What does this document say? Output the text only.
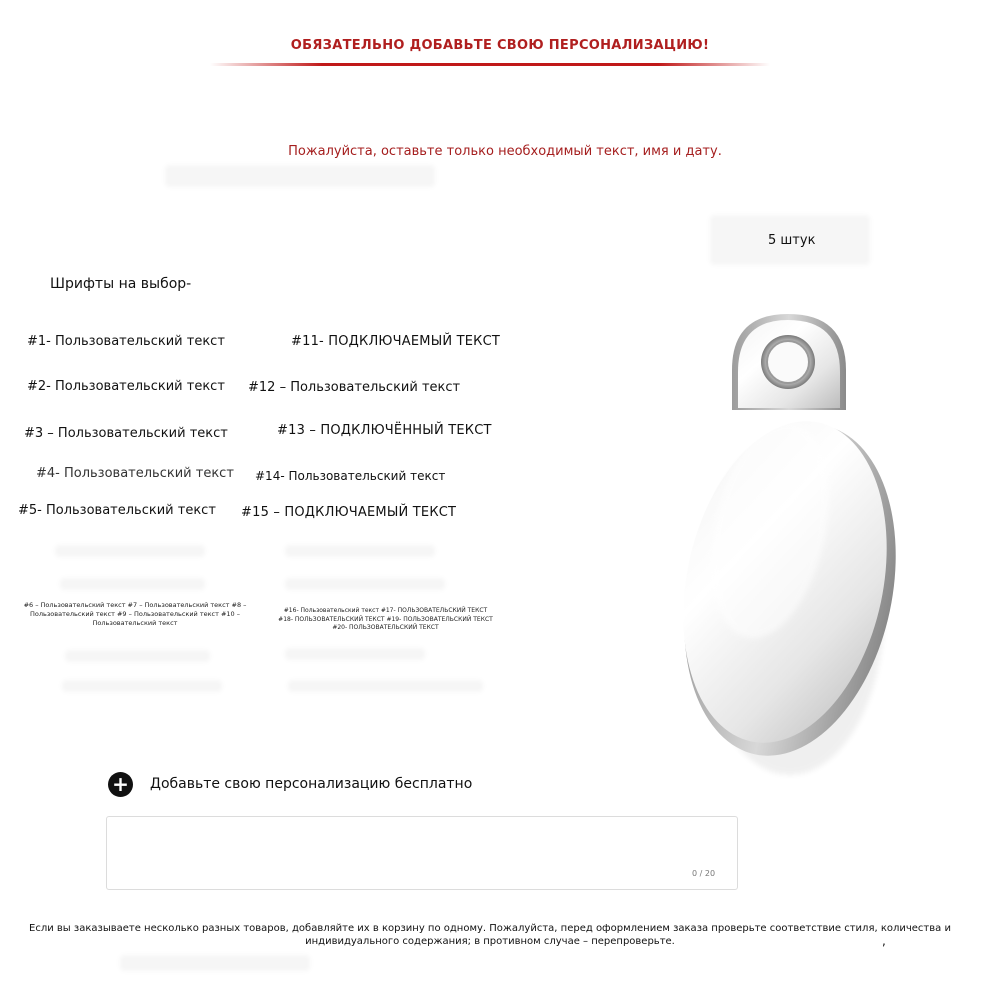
ОБЯЗАТЕЛЬНО ДОБАВЬТЕ СВОЮ ПЕРСОНАЛИЗАЦИЮ!
Пожалуйста, оставьте только необходимый текст, имя и дату.
5 штук
Шрифты на выбор-
#1- Пользовательский текст
#2- Пользовательский текст
#3 – Пользовательский текст
#4- Пользовательский текст
#5- Пользовательский текст
#11- ПОДКЛЮЧАЕМЫЙ ТЕКСТ
#12 – Пользовательский текст
#13 – ПОДКЛЮЧЁННЫЙ ТЕКСТ
#14- Пользовательский текст
#15 – ПОДКЛЮЧАЕМЫЙ ТЕКСТ
#6 – Пользовательский текст #7 – Пользовательский текст #8 – Пользовательский текст #9 – Пользовательский текст #10 – Пользовательский текст
#16- Пользовательский текст #17- ПОЛЬЗОВАТЕЛЬСКИЙ ТЕКСТ #18- ПОЛЬЗОВАТЕЛЬСКИЙ ТЕКСТ #19- ПОЛЬЗОВАТЕЛЬСКИЙ ТЕКСТ #20- ПОЛЬЗОВАТЕЛЬСКИЙ ТЕКСТ
+ Добавьте свою персонализацию бесплатно
0 / 20
Если вы заказываете несколько разных товаров, добавляйте их в корзину по одному. Пожалуйста, перед оформлением заказа проверьте соответствие стиля, количества и индивидуального содержания; в противном случае – перепроверьте.	,
